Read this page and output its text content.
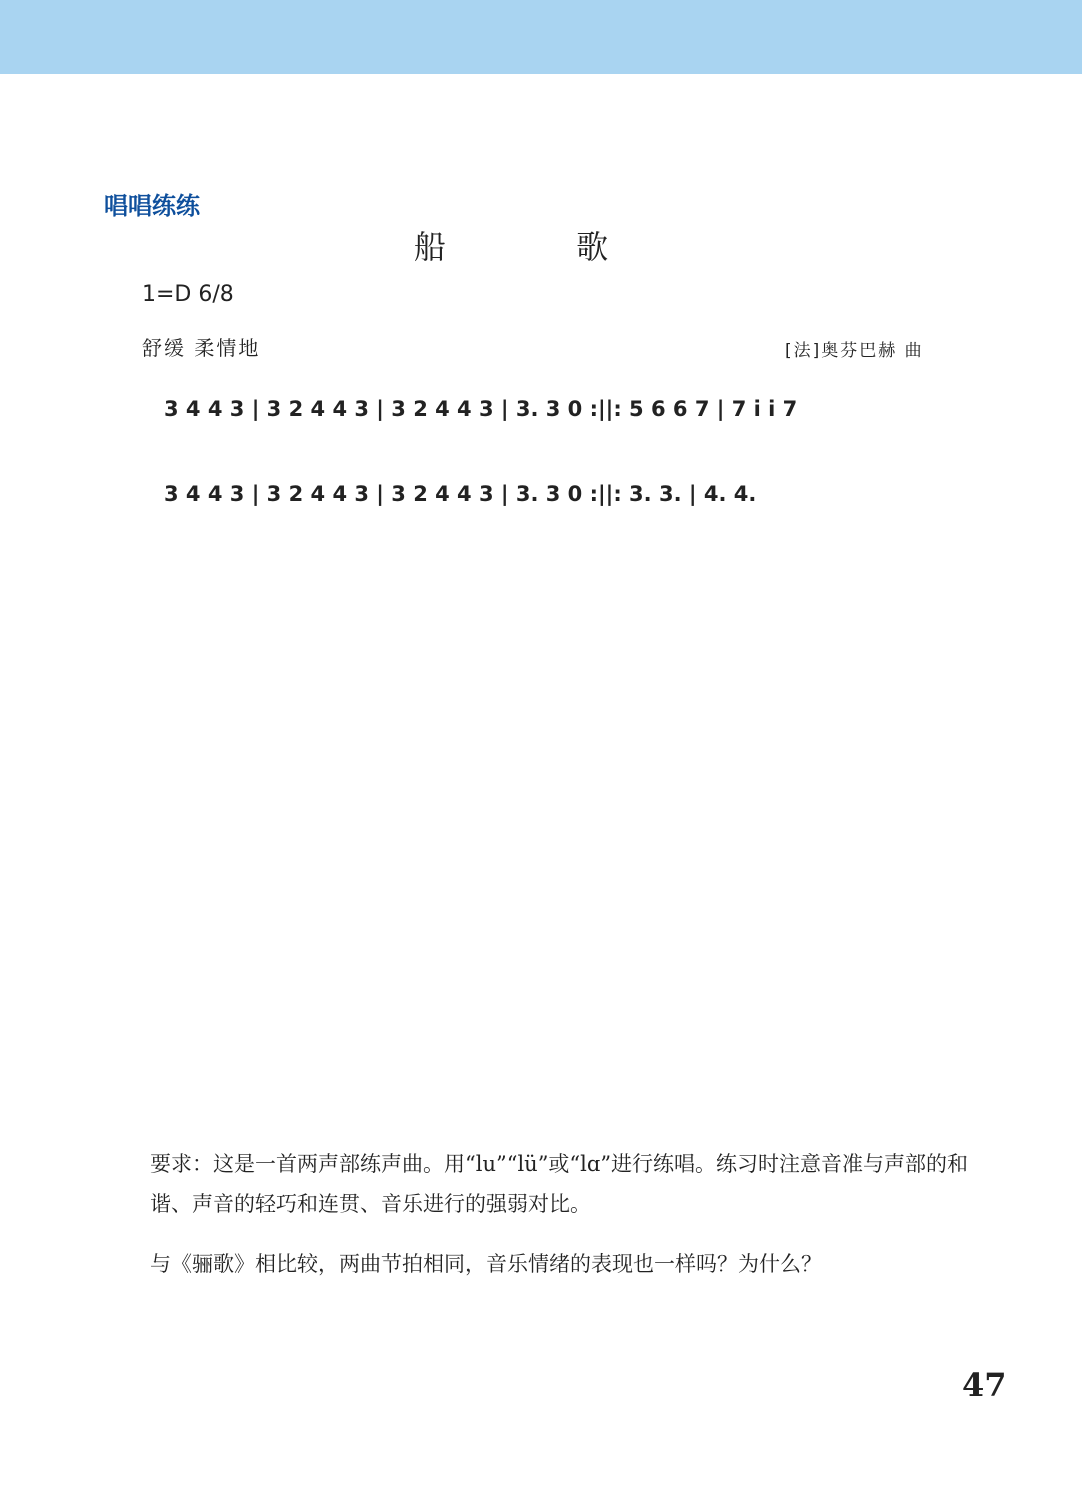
唱唱练练
船 歌
1=D 6/8
舒缓 柔情地	[法]奥芬巴赫 曲
3 4 4 3 | 3 2 4 4 3 | 3 2 4 4 3 | 3. 3 0 :||: 5 6 6 7 | 7 i i 7
3 4 4 3 | 3 2 4 4 3 | 3 2 4 4 3 | 3. 3 0 :||: 3. 3. | 4. 4.
要求：这是一首两声部练声曲。用“lu”“lü”或“lɑ”进行练唱。练习时注意音准与声部的和谐、声音的轻巧和连贯、音乐进行的强弱对比。
与《骊歌》相比较，两曲节拍相同，音乐情绪的表现也一样吗？为什么？
47
